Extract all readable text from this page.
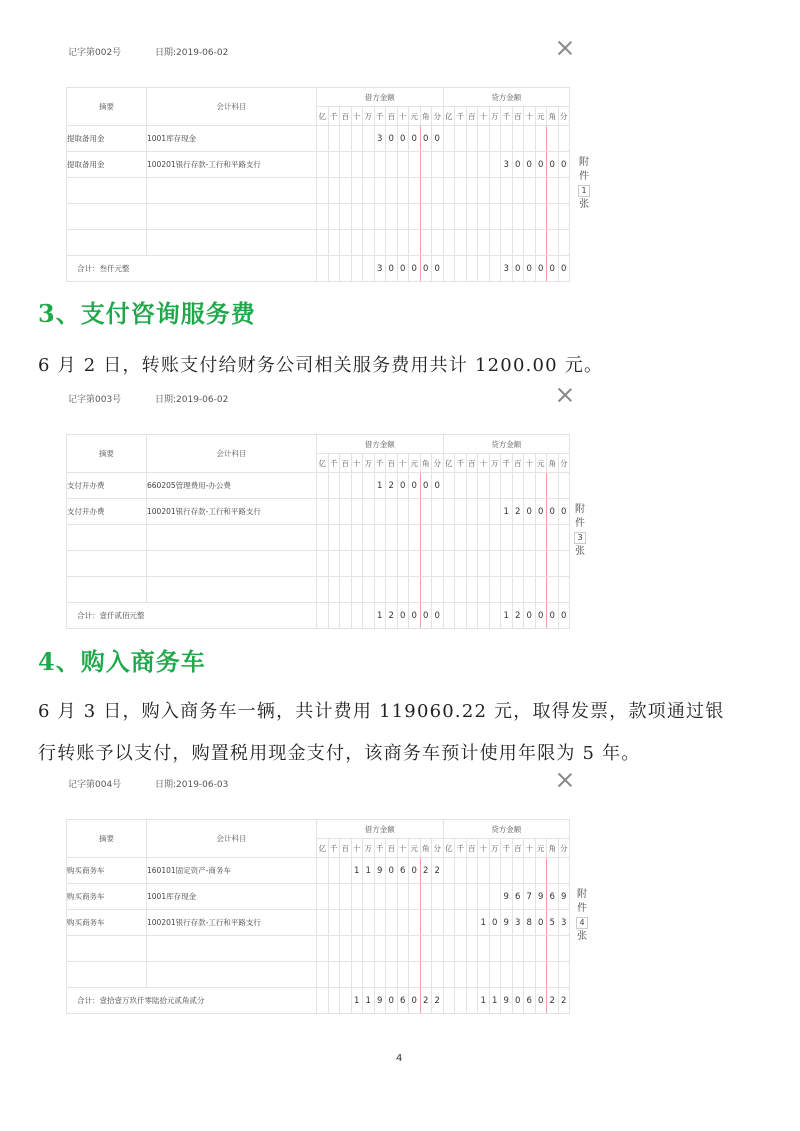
记字第002号	日期:2019-06-02
摘要	会计科目	借方金额											贷方金额										
		亿	千	百	十	万	千	百	十	元	角	分	亿	千	百	十	万	千	百	十	元	角	分
提取备用金	1001库存现金						3	0	0	0	0	0											
提取备用金	100201银行存款-工行和平路支行																	3	0	0	0	0	0

合计：叁仟元整							3	0	0	0	0	0						3	0	0	0	0	0
附
件
1
张
3、支付咨询服务费
6 月 2 日，转账支付给财务公司相关服务费用共计 1200.00 元。
记字第003号	日期:2019-06-02
摘要	会计科目	借方金额											贷方金额										
		亿	千	百	十	万	千	百	十	元	角	分	亿	千	百	十	万	千	百	十	元	角	分
支付开办费	660205管理费用-办公费						1	2	0	0	0	0											
支付开办费	100201银行存款-工行和平路支行																	1	2	0	0	0	0

合计：壹仟贰佰元整							1	2	0	0	0	0						1	2	0	0	0	0
附
件
3
张
4、购入商务车
6 月 3 日，购入商务车一辆，共计费用 119060.22 元，取得发票，款项通过银
行转账予以支付，购置税用现金支付，该商务车预计使用年限为 5 年。
记字第004号	日期:2019-06-03
摘要	会计科目	借方金额											贷方金额										
		亿	千	百	十	万	千	百	十	元	角	分	亿	千	百	十	万	千	百	十	元	角	分
购买商务车	160101固定资产-商务车				1	1	9	0	6	0	2	2											
购买商务车	1001库存现金																	9	6	7	9	6	9
购买商务车	100201银行存款-工行和平路支行															1	0	9	3	8	0	5	3

合计：壹拾壹万玖仟零陆拾元贰角贰分					1	1	9	0	6	0	2	2				1	1	9	0	6	0	2	2
附
件
4
张
4
